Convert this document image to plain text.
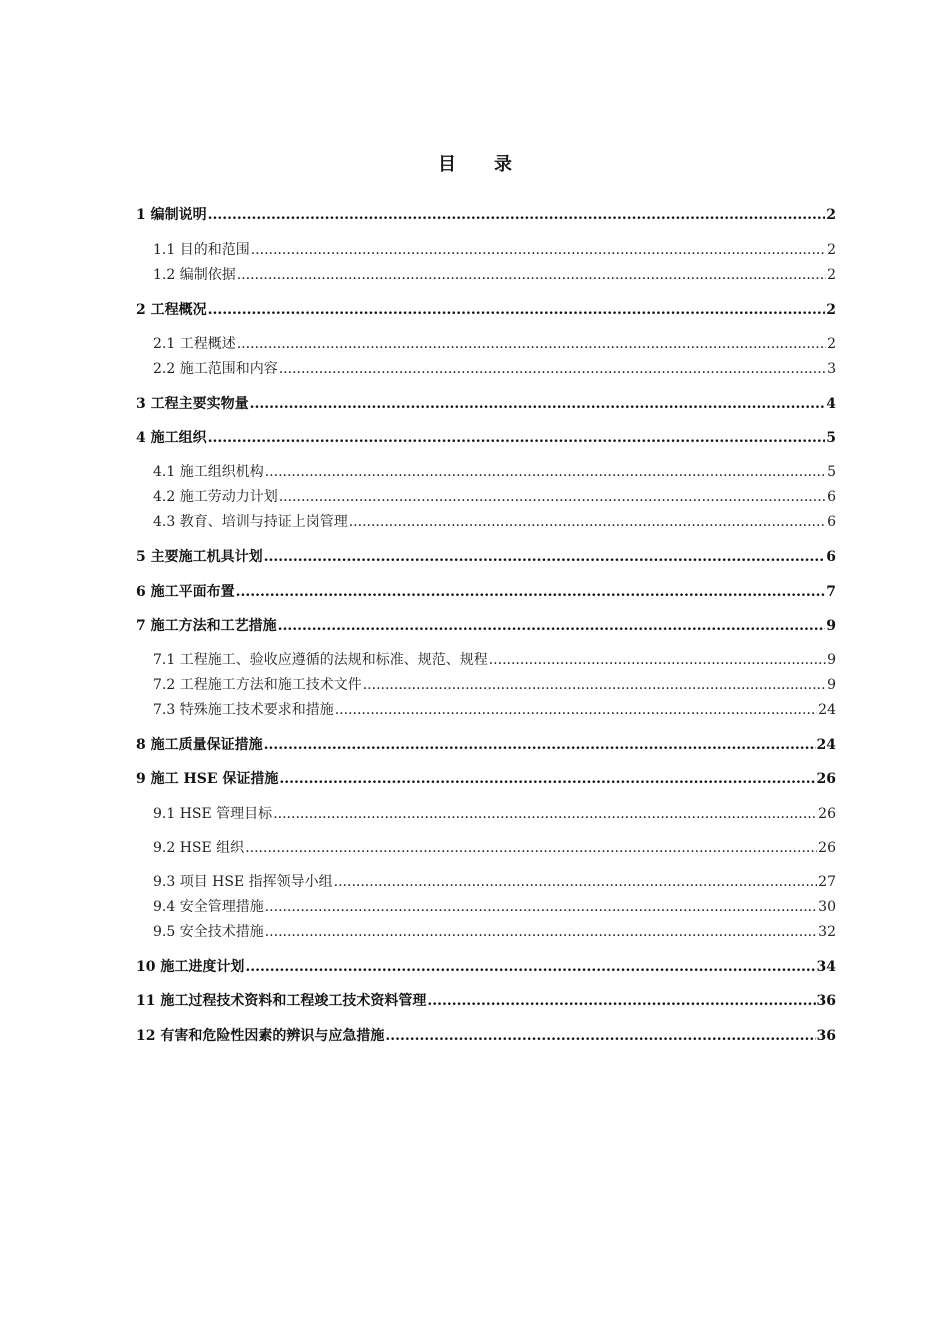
目 录
1 编制说明 .....	2
1.1 目的和范围 .....	2
1.2 编制依据 .....	2
2 工程概况 .....	2
2.1 工程概述 .....	2
2.2 施工范围和内容 .....	3
3 工程主要实物量 .....	4
4 施工组织 .....	5
4.1 施工组织机构 .....	5
4.2 施工劳动力计划 .....	6
4.3 教育、培训与持证上岗管理 .....	6
5 主要施工机具计划 .....	6
6 施工平面布置 .....	7
7 施工方法和工艺措施 .....	9
7.1 工程施工、验收应遵循的法规和标准、规范、规程 .....	9
7.2 工程施工方法和施工技术文件 .....	9
7.3 特殊施工技术要求和措施 .....	24
8 施工质量保证措施 .....	24
9 施工 HSE 保证措施 .....	26
9.1 HSE 管理目标 .....	26
9.2 HSE 组织 .....	26
9.3 项目 HSE 指挥领导小组 .....	27
9.4 安全管理措施 .....	30
9.5 安全技术措施 .....	32
10 施工进度计划 .....	34
11 施工过程技术资料和工程竣工技术资料管理 .....	36
12 有害和危险性因素的辨识与应急措施 .....	36
